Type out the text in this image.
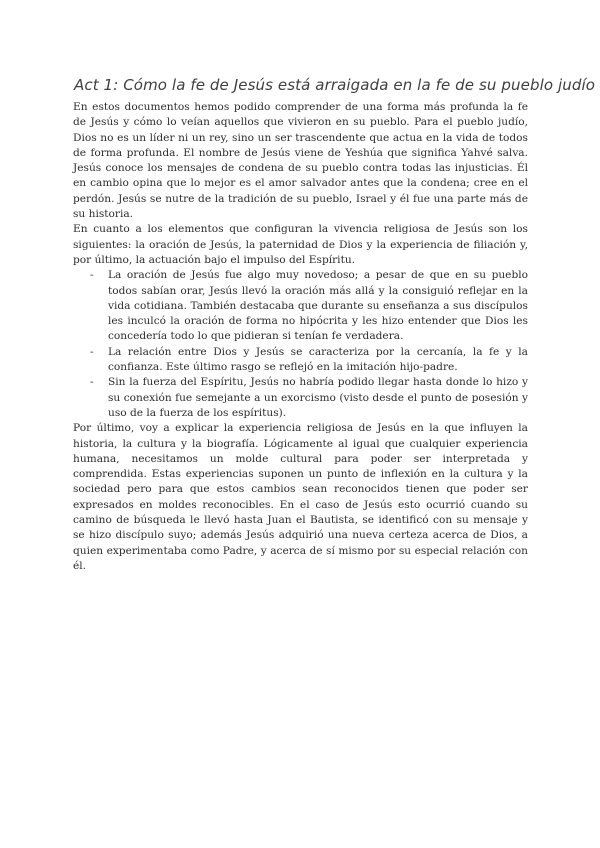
Act 1: Cómo la fe de Jesús está arraigada en la fe de su pueblo judío

En estos documentos hemos podido comprender de una forma más profunda la fe de Jesús y cómo lo veían aquellos que vivieron en su pueblo. Para el pueblo judío, Dios no es un líder ni un rey, sino un ser trascendente que actua en la vida de todos de forma profunda. El nombre de Jesús viene de Yeshúa que significa Yahvé salva. Jesús conoce los mensajes de condena de su pueblo contra todas las injusticias. Él en cambio opina que lo mejor es el amor salvador antes que la condena; cree en el perdón. Jesús se nutre de la tradición de su pueblo, Israel y él fue una parte más de su historia.

En cuanto a los elementos que configuran la vivencia religiosa de Jesús son los siguientes: la oración de Jesús, la paternidad de Dios y la experiencia de filiación y, por último, la actuación bajo el impulso del Espíritu.

- La oración de Jesús fue algo muy novedoso; a pesar de que en su pueblo todos sabían orar, Jesús llevó la oración más allá y la consiguió reflejar en la vida cotidiana. También destacaba que durante su enseñanza a sus discípulos les inculcó la oración de forma no hipócrita y les hizo entender que Dios les concedería todo lo que pidieran si tenían fe verdadera.
- La relación entre Dios y Jesús se caracteriza por la cercanía, la fe y la confianza. Este último rasgo se reflejó en la imitación hijo-padre.
- Sin la fuerza del Espíritu, Jesús no habría podido llegar hasta donde lo hizo y su conexión fue semejante a un exorcismo (visto desde el punto de posesión y uso de la fuerza de los espíritus).

Por último, voy a explicar la experiencia religiosa de Jesús en la que influyen la historia, la cultura y la biografía. Lógicamente al igual que cualquier experiencia humana, necesitamos un molde cultural para poder ser interpretada y comprendida. Estas experiencias suponen un punto de inflexión en la cultura y la sociedad pero para que estos cambios sean reconocidos tienen que poder ser expresados en moldes reconocibles. En el caso de Jesús esto ocurrió cuando su camino de búsqueda le llevó hasta Juan el Bautista, se identificó con su mensaje y se hizo discípulo suyo; además Jesús adquirió una nueva certeza acerca de Dios, a quien experimentaba como Padre, y acerca de sí mismo por su especial relación con él.
